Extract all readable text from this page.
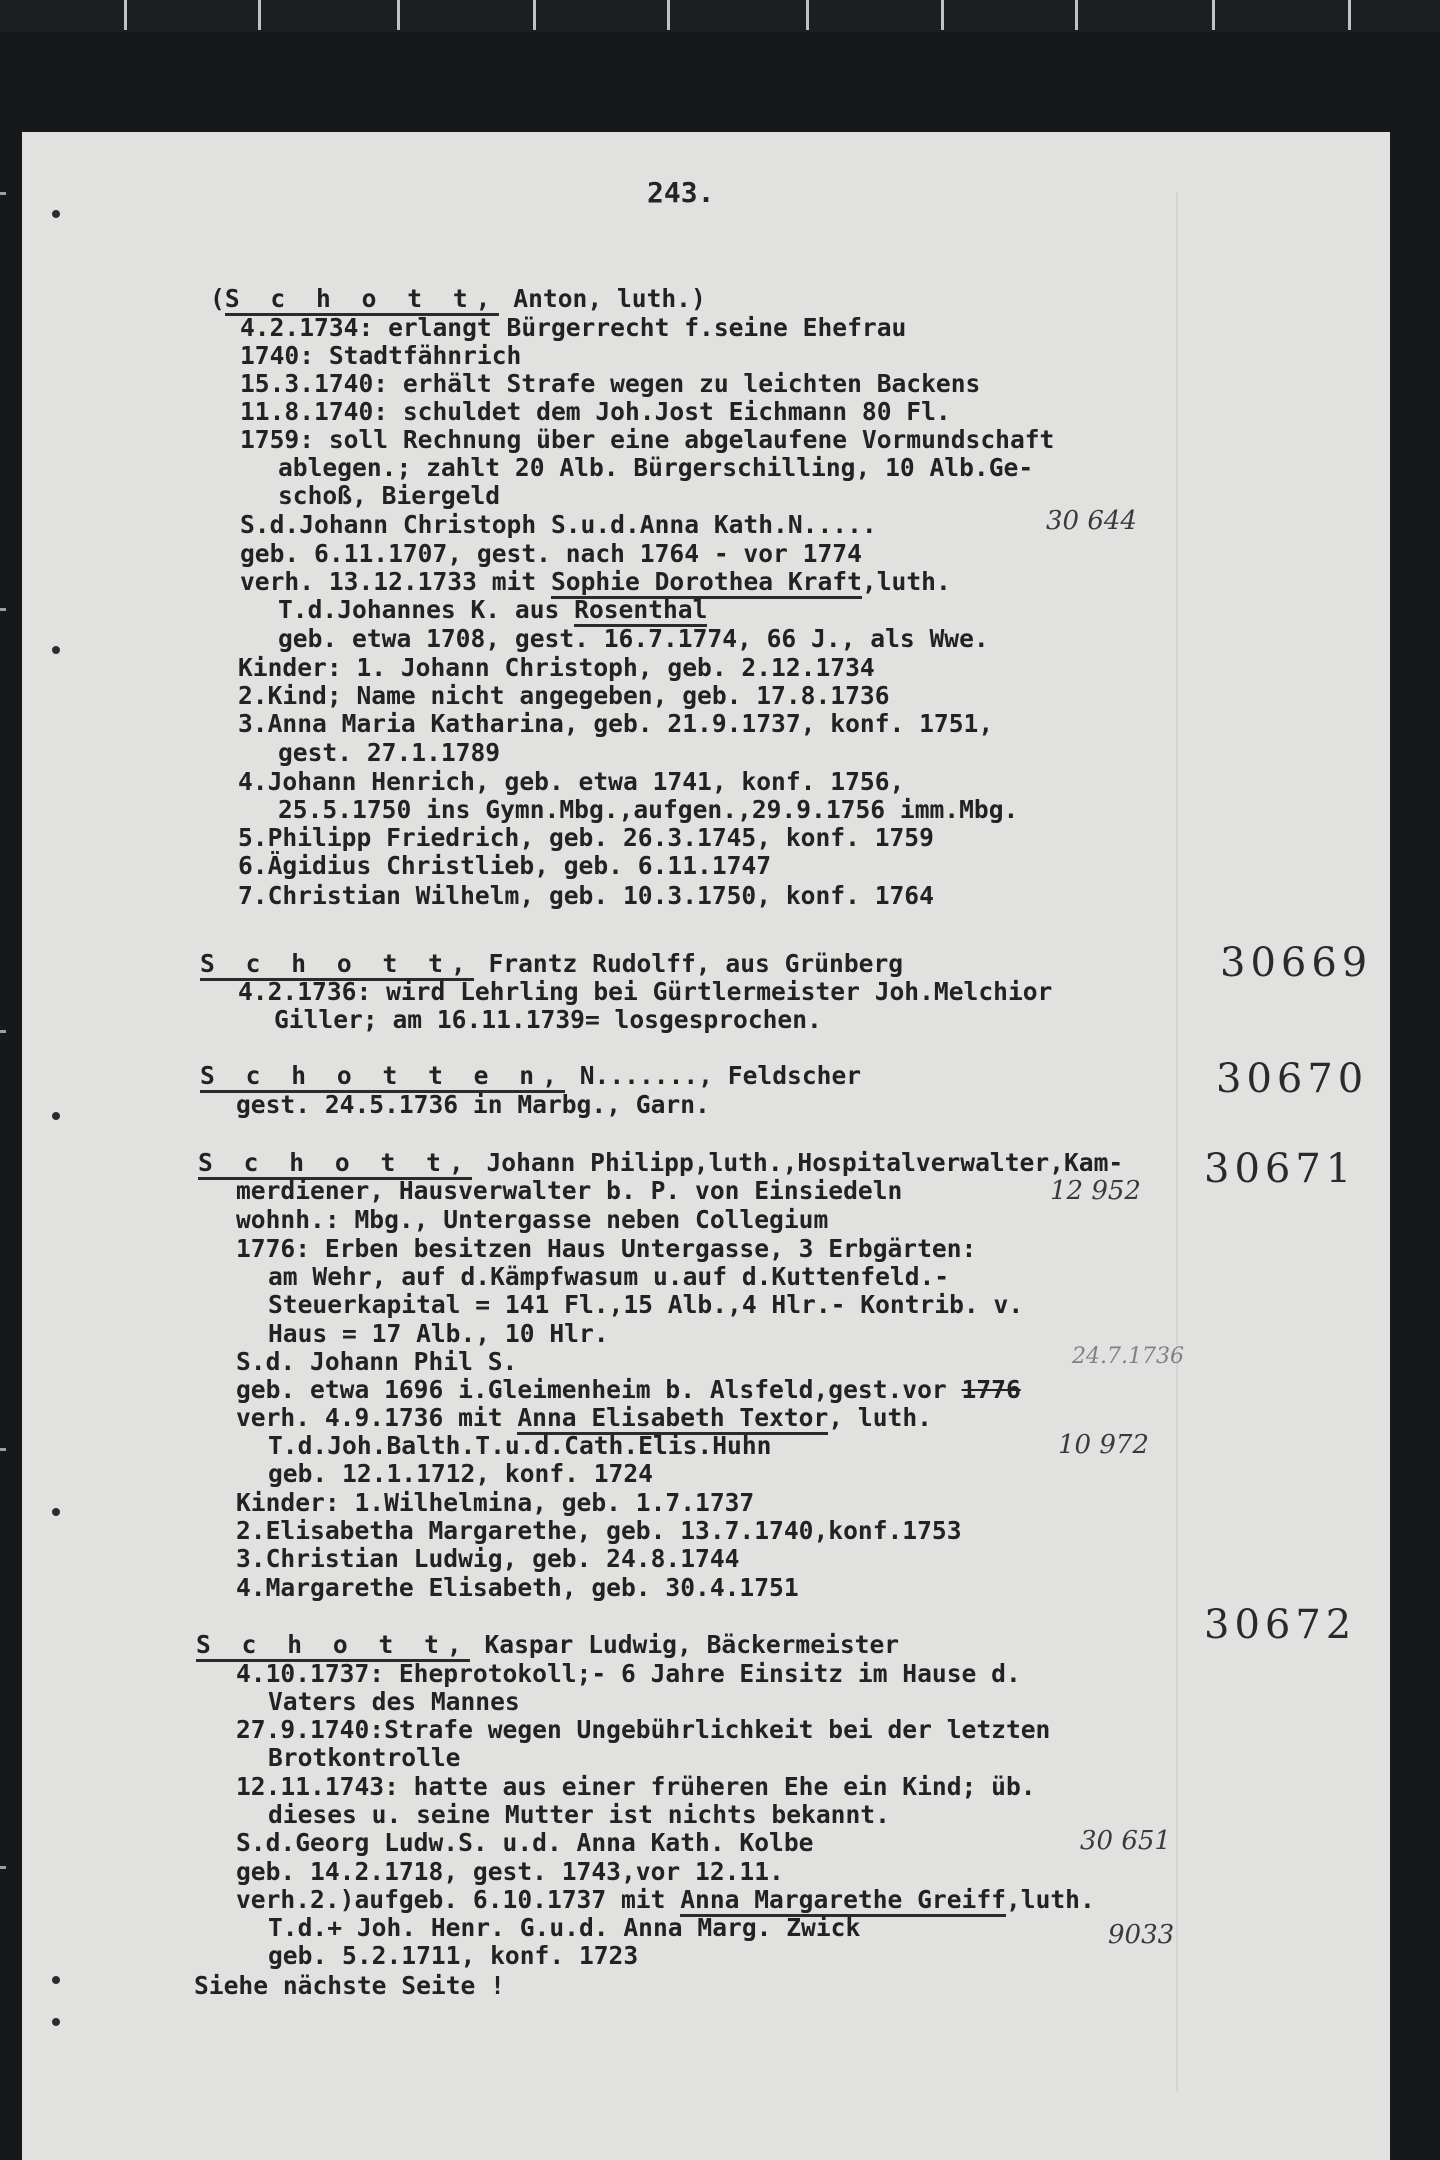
243.
(S c h o t t, Anton, luth.)
4.2.1734: erlangt Bürgerrecht f.seine Ehefrau
1740: Stadtfähnrich
15.3.1740: erhält Strafe wegen zu leichten Backens
11.8.1740: schuldet dem Joh.Jost Eichmann 80 Fl.
1759: soll Rechnung über eine abgelaufene Vormundschaft
ablegen.; zahlt 20 Alb. Bürgerschilling, 10 Alb.Ge-
schoß, Biergeld
S.d.Johann Christoph S.u.d.Anna Kath.N.....	30 644
geb. 6.11.1707, gest. nach 1764 - vor 1774
verh. 13.12.1733 mit Sophie Dorothea Kraft,luth.
T.d.Johannes K. aus Rosenthal
geb. etwa 1708, gest. 16.7.1774, 66 J., als Wwe.
Kinder: 1. Johann Christoph, geb. 2.12.1734
2.Kind; Name nicht angegeben, geb. 17.8.1736
3.Anna Maria Katharina, geb. 21.9.1737, konf. 1751,
gest. 27.1.1789
4.Johann Henrich, geb. etwa 1741, konf. 1756,
25.5.1750 ins Gymn.Mbg.,aufgen.,29.9.1756 imm.Mbg.
5.Philipp Friedrich, geb. 26.3.1745, konf. 1759
6.Ägidius Christlieb, geb. 6.11.1747
7.Christian Wilhelm, geb. 10.3.1750, konf. 1764
S c h o t t, Frantz Rudolff, aus Grünberg
4.2.1736: wird Lehrling bei Gürtlermeister Joh.Melchior
Giller; am 16.11.1739= losgesprochen.
30669
S c h o t t e n, N......., Feldscher
gest. 24.5.1736 in Marbg., Garn.
30670
S c h o t t, Johann Philipp,luth.,Hospitalverwalter,Kam-
merdiener, Hausverwalter b. P. von Einsiedeln	12 952 30671
wohnh.: Mbg., Untergasse neben Collegium
1776: Erben besitzen Haus Untergasse, 3 Erbgärten:
am Wehr, auf d.Kämpfwasum u.auf d.Kuttenfeld.-
Steuerkapital = 141 Fl.,15 Alb.,4 Hlr.- Kontrib. v.
Haus = 17 Alb., 10 Hlr.
S.d. Johann Phil S.	24.7.1736
geb. etwa 1696 i.Gleimenheim b. Alsfeld,gest.vor 1776
verh. 4.9.1736 mit Anna Elisabeth Textor, luth.
T.d.Joh.Balth.T.u.d.Cath.Elis.Huhn	10 972
geb. 12.1.1712, konf. 1724
Kinder: 1.Wilhelmina, geb. 1.7.1737
2.Elisabetha Margarethe, geb. 13.7.1740,konf.1753
3.Christian Ludwig, geb. 24.8.1744
4.Margarethe Elisabeth, geb. 30.4.1751
30672
S c h o t t, Kaspar Ludwig, Bäckermeister
4.10.1737: Eheprotokoll;- 6 Jahre Einsitz im Hause d.
Vaters des Mannes
27.9.1740:Strafe wegen Ungebührlichkeit bei der letzten
Brotkontrolle
12.11.1743: hatte aus einer früheren Ehe ein Kind; üb.
dieses u. seine Mutter ist nichts bekannt.
S.d.Georg Ludw.S. u.d. Anna Kath. Kolbe	30 651
geb. 14.2.1718, gest. 1743,vor 12.11.
verh.2.)aufgeb. 6.10.1737 mit Anna Margarethe Greiff,luth.
T.d.+ Joh. Henr. G.u.d. Anna Marg. Zwick	9033
geb. 5.2.1711, konf. 1723
Siehe nächste Seite !
